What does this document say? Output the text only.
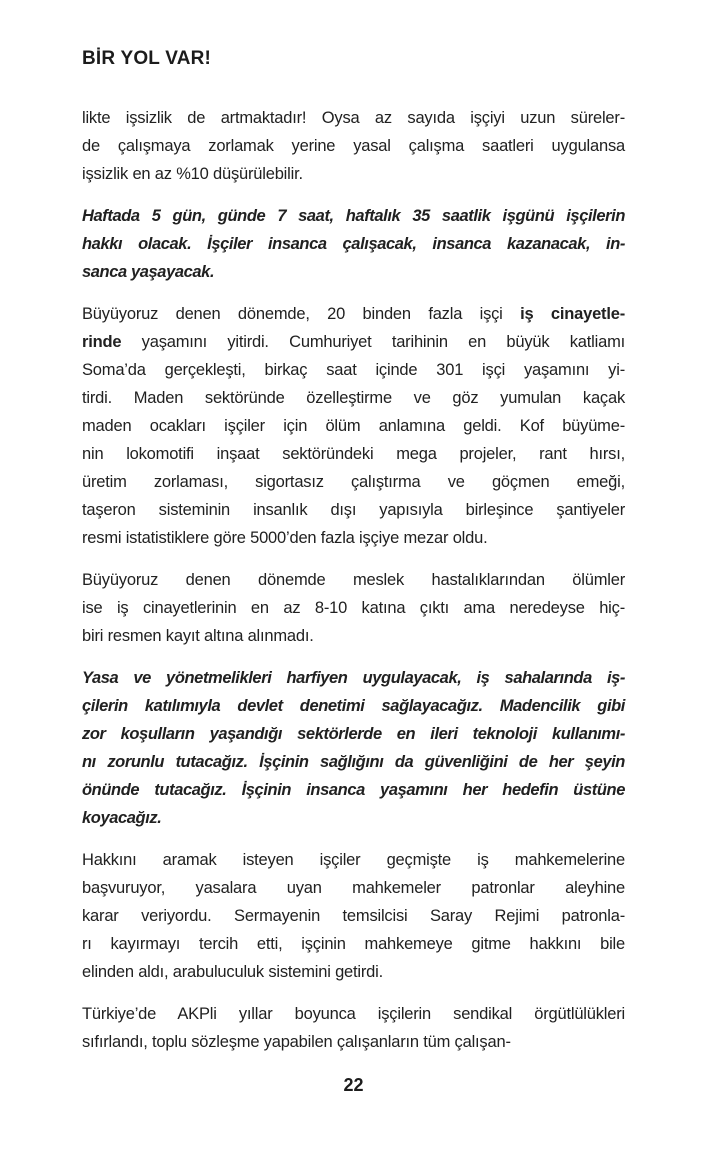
BİR YOL VAR!

likte işsizlik de artmaktadır! Oysa az sayıda işçiyi uzun süreler-
de çalışmaya zorlamak yerine yasal çalışma saatleri uygulansa
işsizlik en az %10 düşürülebilir.

Haftada 5 gün, günde 7 saat, haftalık 35 saatlik işgünü işçilerin
hakkı olacak. İşçiler insanca çalışacak, insanca kazanacak, in-
sanca yaşayacak.

Büyüyoruz denen dönemde, 20 binden fazla işçi iş cinayetle-
rinde yaşamını yitirdi. Cumhuriyet tarihinin en büyük katliamı
Soma’da gerçekleşti, birkaç saat içinde 301 işçi yaşamını yi-
tirdi. Maden sektöründe özelleştirme ve göz yumulan kaçak
maden ocakları işçiler için ölüm anlamına geldi. Kof büyüme-
nin lokomotifi inşaat sektöründeki mega projeler, rant hırsı,
üretim zorlaması, sigortasız çalıştırma ve göçmen emeği,
taşeron sisteminin insanlık dışı yapısıyla birleşince şantiyeler
resmi istatistiklere göre 5000’den fazla işçiye mezar oldu.

Büyüyoruz denen dönemde meslek hastalıklarından ölümler
ise iş cinayetlerinin en az 8-10 katına çıktı ama neredeyse hiç-
biri resmen kayıt altına alınmadı.

Yasa ve yönetmelikleri harfiyen uygulayacak, iş sahalarında iş-
çilerin katılımıyla devlet denetimi sağlayacağız. Madencilik gibi
zor koşulların yaşandığı sektörlerde en ileri teknoloji kullanımı-
nı zorunlu tutacağız. İşçinin sağlığını da güvenliğini de her şeyin
önünde tutacağız. İşçinin insanca yaşamını her hedefin üstüne
koyacağız.

Hakkını aramak isteyen işçiler geçmişte iş mahkemelerine
başvuruyor, yasalara uyan mahkemeler patronlar aleyhine
karar veriyordu. Sermayenin temsilcisi Saray Rejimi patronla-
rı kayırmayı tercih etti, işçinin mahkemeye gitme hakkını bile
elinden aldı, arabuluculuk sistemini getirdi.

Türkiye’de AKPli yıllar boyunca işçilerin sendikal örgütlülükleri
sıfırlandı, toplu sözleşme yapabilen çalışanların tüm çalışan-

22
